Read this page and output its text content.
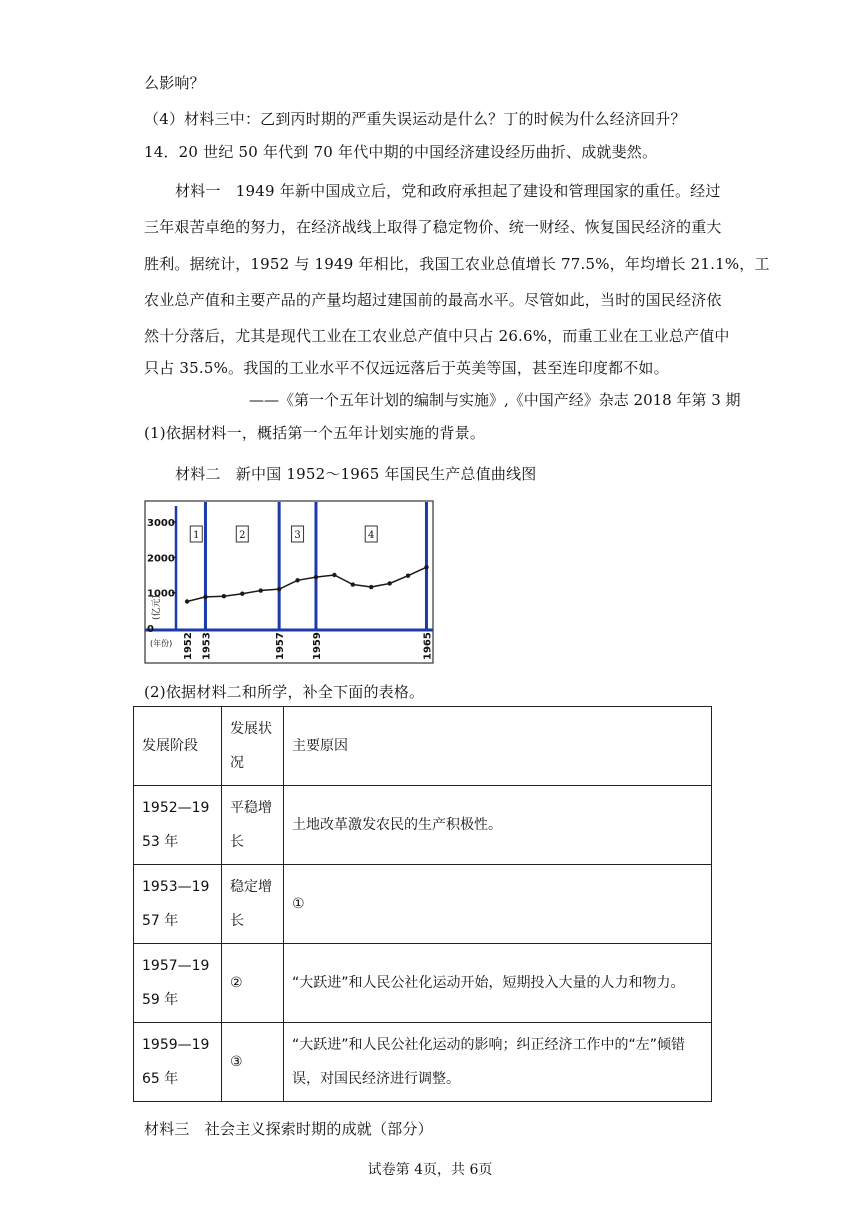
么影响？
（4）材料三中：乙到丙时期的严重失误运动是什么？丁的时候为什么经济回升？
14．20 世纪 50 年代到 70 年代中期的中国经济建设经历曲折、成就斐然。
材料一　1949 年新中国成立后，党和政府承担起了建设和管理国家的重任。经过
三年艰苦卓绝的努力，在经济战线上取得了稳定物价、统一财经、恢复国民经济的重大
胜利。据统计，1952 与 1949 年相比，我国工农业总值增长 77.5%，年均增长 21.1%，工
农业总产值和主要产品的产量均超过建国前的最高水平。尽管如此，当时的国民经济依
然十分落后，尤其是现代工业在工农业总产值中只占 26.6%，而重工业在工业总产值中
只占 35.5%。我国的工业水平不仅远远落后于英美等国，甚至连印度都不如。
——《第一个五年计划的编制与实施》,《中国产经》杂志 2018 年第 3 期
(1)依据材料一，概括第一个五年计划实施的背景。
材料二　新中国 1952～1965 年国民生产总值曲线图
3000
2000
1000
0
(亿元)
(年份)
1	2	3	4
1952 1953	1957	1959	1965
(2)依据材料二和所学，补全下面的表格。
发展阶段	发展状况	主要原因

1952—1953 年	平稳增长	土地改革激发农民的生产积极性。

1953—1957 年	稳定增长	①

1957—1959 年	②	“大跃进”和人民公社化运动开始，短期投入大量的人力和物力。

1959—1965 年	③	“大跃进”和人民公社化运动的影响；纠正经济工作中的“左”倾错误，对国民经济进行调整。
材料三　社会主义探索时期的成就（部分）
试卷第 4页，共 6页
